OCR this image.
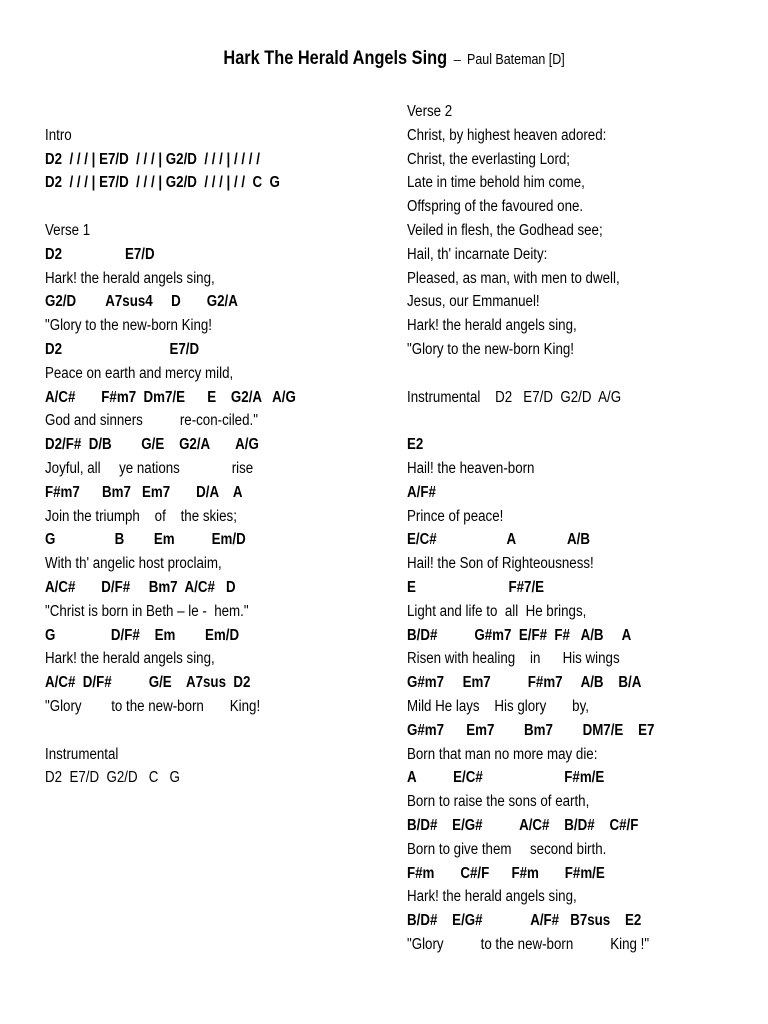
Hark The Herald Angels Sing – Paul Bateman [D]
Intro
D2  / / / | E7/D  / / / | G2/D  / / / | / / / /
D2  / / / | E7/D  / / / | G2/D  / / / | / /  C  G
Verse 1
D2                 E7/D
Hark! the herald angels sing,
G2/D        A7sus4     D       G2/A
"Glory to the new-born King!
D2                             E7/D
Peace on earth and mercy mild,
A/C#       F#m7  Dm7/E      E    G2/A   A/G
God and sinners          re-con-ciled."
D2/F#  D/B        G/E    G2/A       A/G
Joyful, all     ye nations              rise
F#m7      Bm7   Em7       D/A    A
Join the triumph    of    the skies;
G                B        Em          Em/D
With th' angelic host proclaim,
A/C#       D/F#     Bm7  A/C#   D
"Christ is born in Beth – le -  hem."
G               D/F#    Em        Em/D
Hark! the herald angels sing,
A/C#  D/F#          G/E    A7sus  D2
"Glory        to the new-born       King!
Instrumental
D2  E7/D  G2/D   C   G
Verse 2
Christ, by highest heaven adored:
Christ, the everlasting Lord;
Late in time behold him come,
Offspring of the favoured one.
Veiled in flesh, the Godhead see;
Hail, th' incarnate Deity:
Pleased, as man, with men to dwell,
Jesus, our Emmanuel!
Hark! the herald angels sing,
"Glory to the new-born King!
Instrumental    D2   E7/D  G2/D  A/G
E2
Hail! the heaven-born
A/F#
Prince of peace!
E/C#                   A              A/B
Hail! the Son of Righteousness!
E                         F#7/E
Light and life to  all  He brings,
B/D#          G#m7  E/F#  F#   A/B     A
Risen with healing    in      His wings
G#m7     Em7          F#m7     A/B    B/A
Mild He lays    His glory       by,
G#m7      Em7        Bm7        DM7/E    E7
Born that man no more may die:
A          E/C#                      F#m/E
Born to raise the sons of earth,
B/D#    E/G#          A/C#    B/D#    C#/F
Born to give them     second birth.
F#m       C#/F      F#m       F#m/E
Hark! the herald angels sing,
B/D#    E/G#             A/F#   B7sus    E2
"Glory          to the new-born          King !"
